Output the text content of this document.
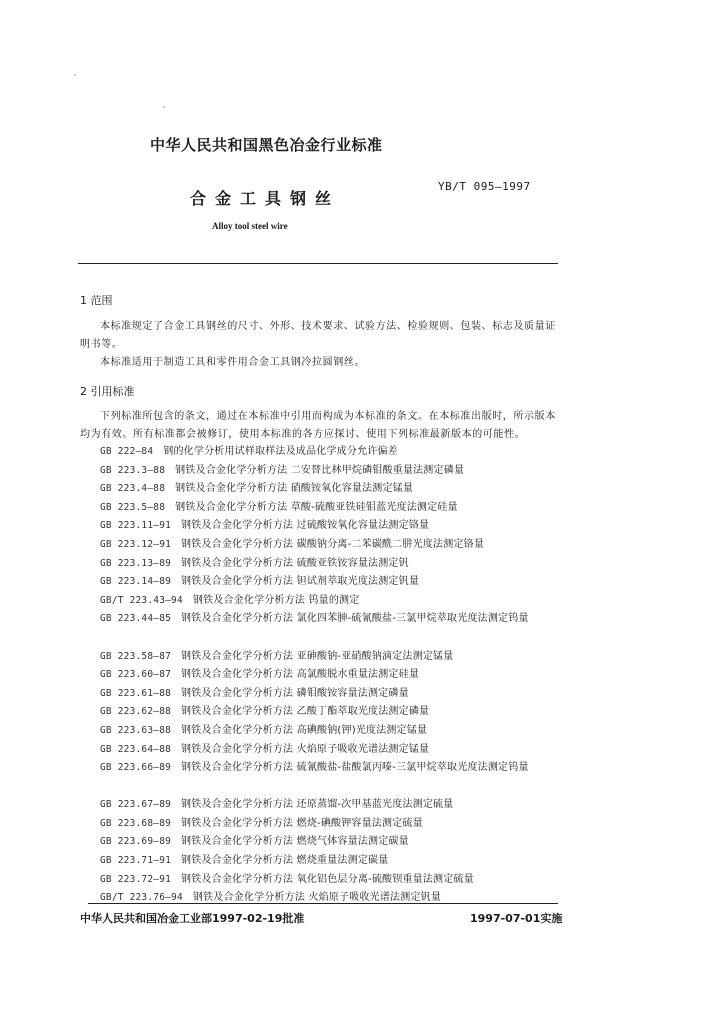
中华人民共和国黑色冶金行业标准
合金工具钢丝
YB/T 095—1997
Alloy tool steel wire
1 范围
本标准规定了合金工具钢丝的尺寸、外形、技术要求、试验方法、检验规则、包装、标志及质量证明书等。
本标准适用于制造工具和零件用合金工具钢冷拉圆钢丝。
2 引用标准
下列标准所包含的条文，通过在本标准中引用而构成为本标准的条文。在本标准出版时，所示版本均为有效。所有标准都会被修订，使用本标准的各方应探讨、使用下列标准最新版本的可能性。
GB 222—84 钢的化学分析用试样取样法及成品化学成分允许偏差
GB 223.3—88 钢铁及合金化学分析方法 二安替比林甲烷磷钼酸重量法测定磷量
GB 223.4—88 钢铁及合金化学分析方法 硝酸铵氧化容量法测定锰量
GB 223.5—88 钢铁及合金化学分析方法 草酸-硫酸亚铁硅钼蓝光度法测定硅量
GB 223.11—91 钢铁及合金化学分析方法 过硫酸铵氧化容量法测定铬量
GB 223.12—91 钢铁及合金化学分析方法 碳酸钠分离-二苯碳酰二肼光度法测定铬量
GB 223.13—89 钢铁及合金化学分析方法 硫酸亚铁铵容量法测定钒
GB 223.14—89 钢铁及合金化学分析方法 钽试剂萃取光度法测定钒量
GB/T 223.43—94 钢铁及合金化学分析方法 钨量的测定
GB 223.44—85 钢铁及合金化学分析方法 氯化四苯胂-硫氰酸盐-三氯甲烷萃取光度法测定钨量
GB 223.58—87 钢铁及合金化学分析方法 亚砷酸钠-亚硝酸钠滴定法测定锰量
GB 223.60—87 钢铁及合金化学分析方法 高氯酸脱水重量法测定硅量
GB 223.61—88 钢铁及合金化学分析方法 磷钼酸铵容量法测定磷量
GB 223.62—88 钢铁及合金化学分析方法 乙酸丁酯萃取光度法测定磷量
GB 223.63—88 钢铁及合金化学分析方法 高碘酸钠(钾)光度法测定锰量
GB 223.64—88 钢铁及合金化学分析方法 火焰原子吸收光谱法测定锰量
GB 223.66—89 钢铁及合金化学分析方法 硫氰酸盐-盐酸氯丙嗪-三氯甲烷萃取光度法测定钨量
GB 223.67—89 钢铁及合金化学分析方法 还原蒸馏-次甲基蓝光度法测定硫量
GB 223.68—89 钢铁及合金化学分析方法 燃烧-碘酸钾容量法测定硫量
GB 223.69—89 钢铁及合金化学分析方法 燃烧气体容量法测定碳量
GB 223.71—91 钢铁及合金化学分析方法 燃烧重量法测定碳量
GB 223.72—91 钢铁及合金化学分析方法 氧化铝色层分离-硫酸钡重量法测定硫量
GB/T 223.76—94 钢铁及合金化学分析方法 火焰原子吸收光谱法测定钒量
中华人民共和国冶金工业部1997-02-19批准	1997-07-01实施
